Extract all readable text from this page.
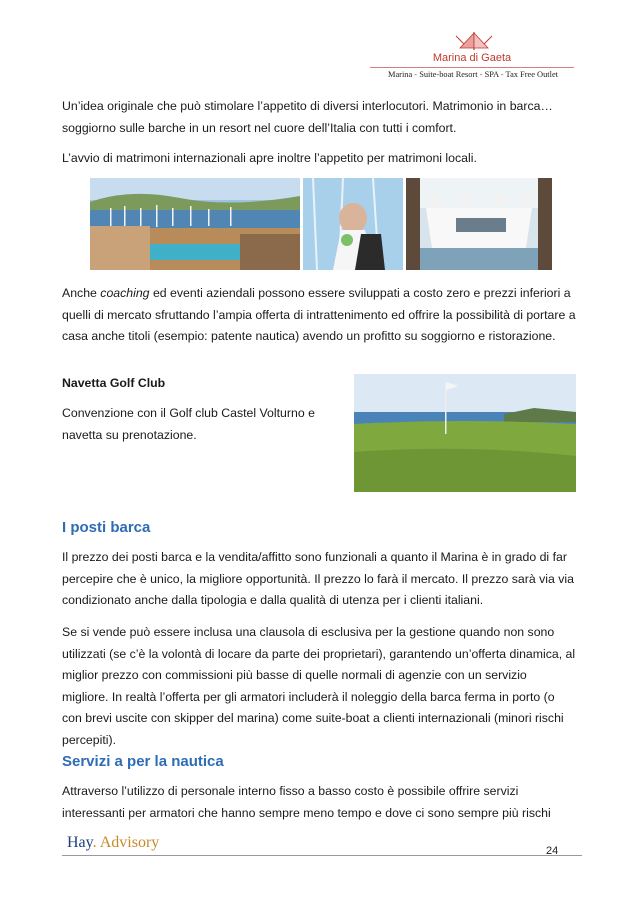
Marina di Gaeta
Marina - Suite-boat Resort - SPA - Tax Free Outlet
Un’idea originale che può stimolare l’appetito di diversi interlocutori. Matrimonio in barca… soggiorno sulle barche in un resort nel cuore dell’Italia con tutti i comfort.
L’avvio di matrimoni internazionali apre inoltre l’appetito per matrimoni locali.
Anche coaching ed eventi aziendali possono essere sviluppati a costo zero e prezzi inferiori a quelli di mercato sfruttando l’ampia offerta di intrattenimento ed offrire la possibilità di portare a casa anche titoli (esempio: patente nautica) avendo un profitto su soggiorno e ristorazione.
Navetta Golf Club
Convenzione con il Golf club Castel Volturno e navetta su prenotazione.
I posti barca
Il prezzo dei posti barca e la vendita/affitto sono funzionali a quanto il Marina è in grado di far percepire che è unico, la migliore opportunità. Il prezzo lo farà il mercato. Il prezzo sarà via via condizionato anche dalla tipologia e dalla qualità di utenza per i clienti italiani.
Se si vende può essere inclusa una clausola di esclusiva per la gestione quando non sono utilizzati (se c’è la volontà di locare da parte dei proprietari), garantendo un’offerta dinamica, al miglior prezzo con commissioni più basse di quelle normali di agenzie con un servizio migliore. In realtà l’offerta per gli armatori includerà il noleggio della barca ferma in porto (o con brevi uscite con skipper del marina) come suite-boat a clienti internazionali (minori rischi percepiti).
Servizi a per la nautica
Attraverso l’utilizzo di personale interno fisso a basso costo è possibile offrire servizi interessanti per armatori che hanno sempre meno tempo e dove ci sono sempre più rischi
Hay. Advisory	24
